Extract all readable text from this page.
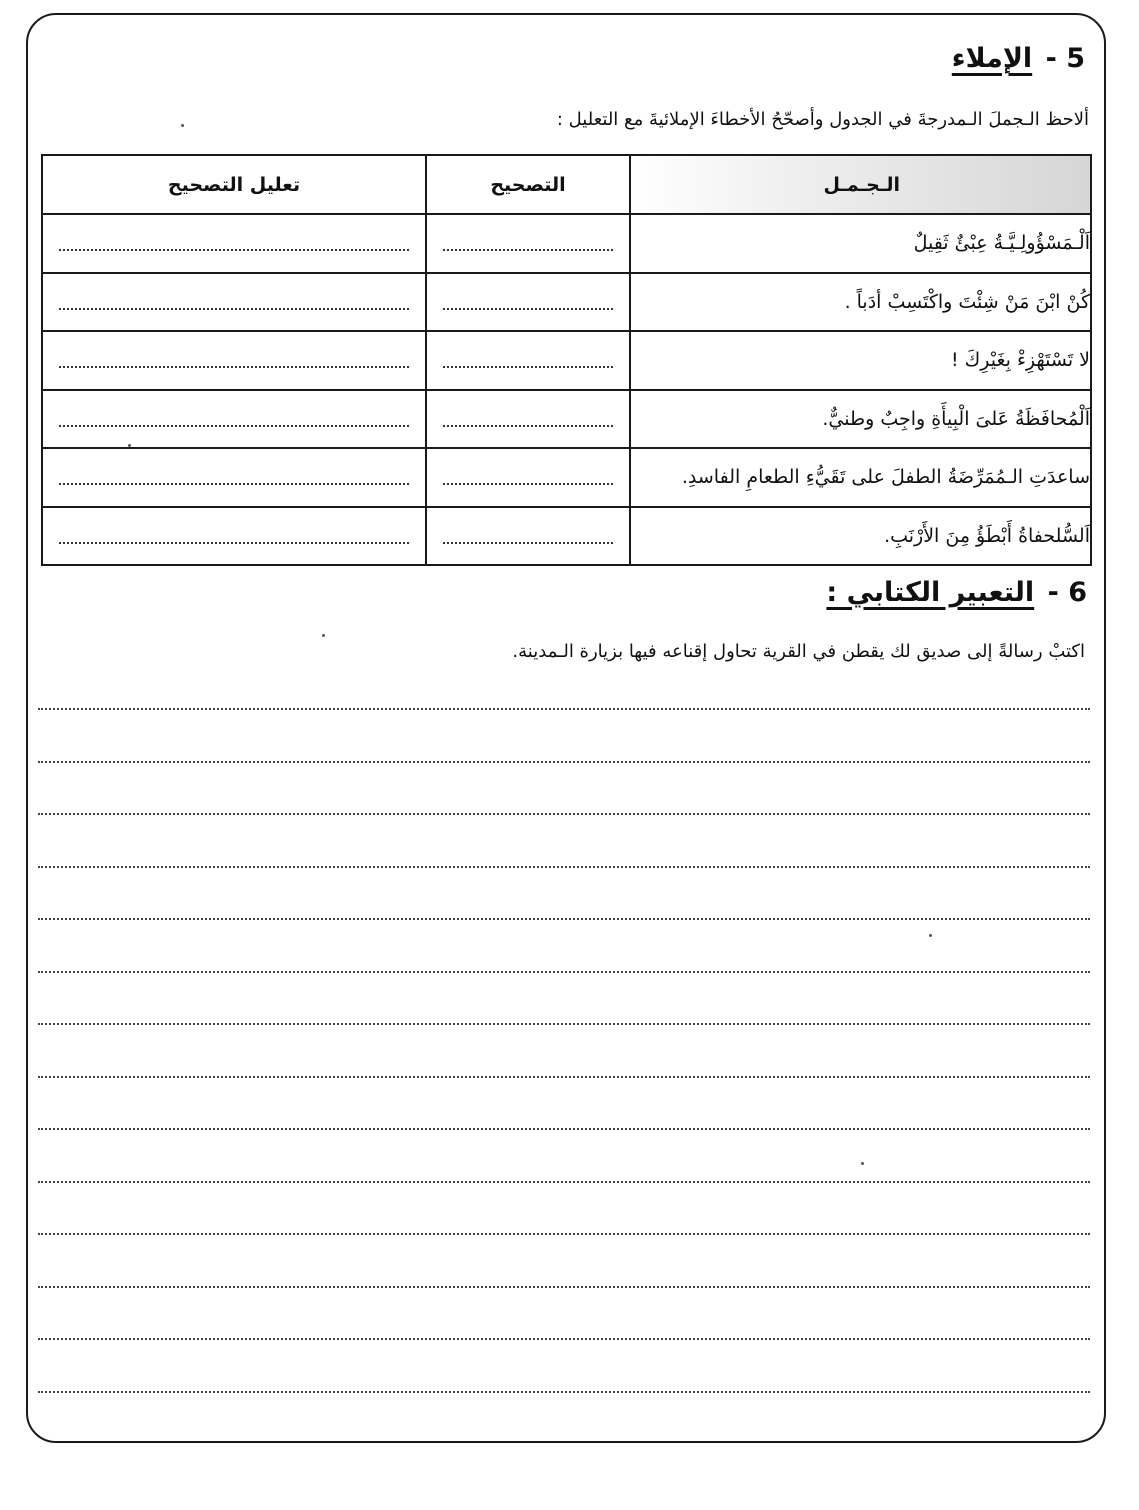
5 - الإملاء
ألاحظ الـجملَ الـمدرجةَ في الجدول وأصحّحُ الأخطاءَ الإملائيةَ مع التعليل :
الـجـمـل	التصحيح	تعليل التصحيح
اَلْـمَسْؤُولِـيَّـةُ عِبْئٌ ثَقِيلٌ	

كُنْ ابْنَ مَنْ شِئْتَ واكْتَسِبْ أدَباً .	

لا تَسْتَهْزِءْ بِغَيْرِكَ !	

اَلْمُحافَظَةُ عَلىَ الْبِيأَةِ واجِبٌ وطنيٌّ.	

ساعدَتِ الـمُمَرِّضَةُ الطفلَ على تَقَيُّءِ الطعامِ الفاسدِ.	

اَلسُّلحفاةُ أَبْطَؤُ مِنَ الأَرْنَبِ.	

6 - التعبير الكتابي :
اكتبْ رسالةً إلى صديق لك يقطن في القرية تحاول إقناعه فيها بزيارة الـمدينة.
